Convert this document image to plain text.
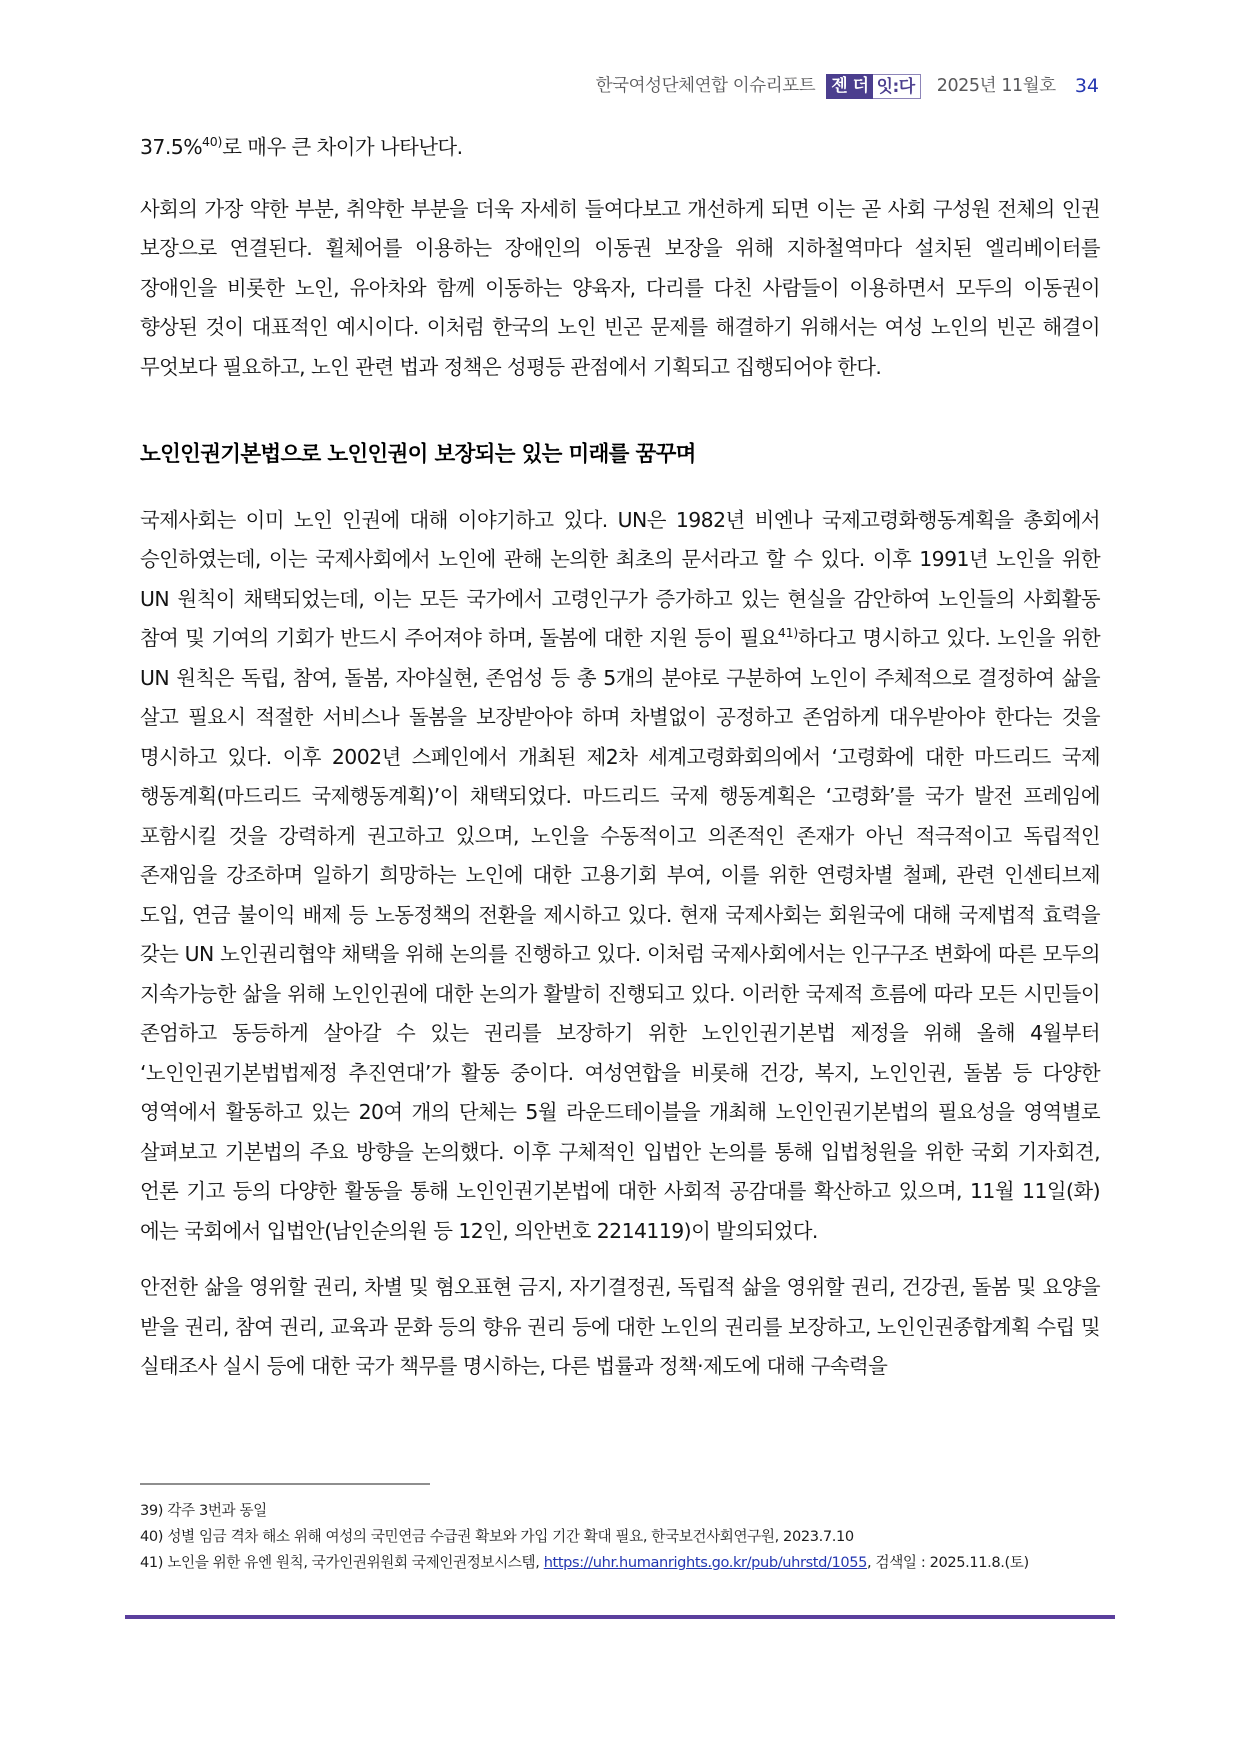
한국여성단체연합 이슈리포트 젠 더 잇:다	2025년 11월호 34

37.5%$^{40)}$로 매우 큰 차이가 나타난다.

사회의 가장 약한 부분, 취약한 부분을 더욱 자세히 들여다보고 개선하게 되면 이는 곧 사회 구성원 전체의 인권 보장으로 연결된다. 휠체어를 이용하는 장애인의 이동권 보장을 위해 지하철역마다 설치된 엘리베이터를 장애인을 비롯한 노인, 유아차와 함께 이동하는 양육자, 다리를 다친 사람들이 이용하면서 모두의 이동권이 향상된 것이 대표적인 예시이다. 이처럼 한국의 노인 빈곤 문제를 해결하기 위해서는 여성 노인의 빈곤 해결이 무엇보다 필요하고, 노인 관련 법과 정책은 성평등 관점에서 기획되고 집행되어야 한다.

노인인권기본법으로 노인인권이 보장되는 있는 미래를 꿈꾸며

국제사회는 이미 노인 인권에 대해 이야기하고 있다. UN은 1982년 비엔나 국제고령화행동계획을 총회에서 승인하였는데, 이는 국제사회에서 노인에 관해 논의한 최초의 문서라고 할 수 있다. 이후 1991년 노인을 위한 UN 원칙이 채택되었는데, 이는 모든 국가에서 고령인구가 증가하고 있는 현실을 감안하여 노인들의 사회활동 참여 및 기여의 기회가 반드시 주어져야 하며, 돌봄에 대한 지원 등이 필요$^{41)}$하다고 명시하고 있다. 노인을 위한 UN 원칙은 독립, 참여, 돌봄, 자야실현, 존엄성 등 총 5개의 분야로 구분하여 노인이 주체적으로 결정하여 삶을 살고 필요시 적절한 서비스나 돌봄을 보장받아야 하며 차별없이 공정하고 존엄하게 대우받아야 한다는 것을 명시하고 있다. 이후 2002년 스페인에서 개최된 제2차 세계고령화회의에서 ‘고령화에 대한 마드리드 국제 행동계획(마드리드 국제행동계획)’이 채택되었다. 마드리드 국제 행동계획은 ‘고령화’를 국가 발전 프레임에 포함시킬 것을 강력하게 권고하고 있으며, 노인을 수동적이고 의존적인 존재가 아닌 적극적이고 독립적인 존재임을 강조하며 일하기 희망하는 노인에 대한 고용기회 부여, 이를 위한 연령차별 철폐, 관련 인센티브제 도입, 연금 불이익 배제 등 노동정책의 전환을 제시하고 있다. 현재 국제사회는 회원국에 대해 국제법적 효력을 갖는 UN 노인권리협약 채택을 위해 논의를 진행하고 있다. 이처럼 국제사회에서는 인구구조 변화에 따른 모두의 지속가능한 삶을 위해 노인인권에 대한 논의가 활발히 진행되고 있다. 이러한 국제적 흐름에 따라 모든 시민들이 존엄하고 동등하게 살아갈 수 있는 권리를 보장하기 위한 노인인권기본법 제정을 위해 올해 4월부터 ‘노인인권기본법법제정 추진연대’가 활동 중이다. 여성연합을 비롯해 건강, 복지, 노인인권, 돌봄 등 다양한 영역에서 활동하고 있는 20여 개의 단체는 5월 라운드테이블을 개최해 노인인권기본법의 필요성을 영역별로 살펴보고 기본법의 주요 방향을 논의했다. 이후 구체적인 입법안 논의를 통해 입법청원을 위한 국회 기자회견, 언론 기고 등의 다양한 활동을 통해 노인인권기본법에 대한 사회적 공감대를 확산하고 있으며, 11월 11일(화)에는 국회에서 입법안(남인순의원 등 12인, 의안번호 2214119)이 발의되었다.

안전한 삶을 영위할 권리, 차별 및 혐오표현 금지, 자기결정권, 독립적 삶을 영위할 권리, 건강권, 돌봄 및 요양을 받을 권리, 참여 권리, 교육과 문화 등의 향유 권리 등에 대한 노인의 권리를 보장하고, 노인인권종합계획 수립 및 실태조사 실시 등에 대한 국가 책무를 명시하는, 다른 법률과 정책·제도에 대해 구속력을

39) 각주 3번과 동일
40) 성별 임금 격차 해소 위해 여성의 국민연금 수급권 확보와 가입 기간 확대 필요, 한국보건사회연구원, 2023.7.10
41) 노인을 위한 유엔 원칙, 국가인권위원회 국제인권정보시스템, https://uhr.humanrights.go.kr/pub/uhrstd/1055, 검색일 : 2025.11.8.(토)
